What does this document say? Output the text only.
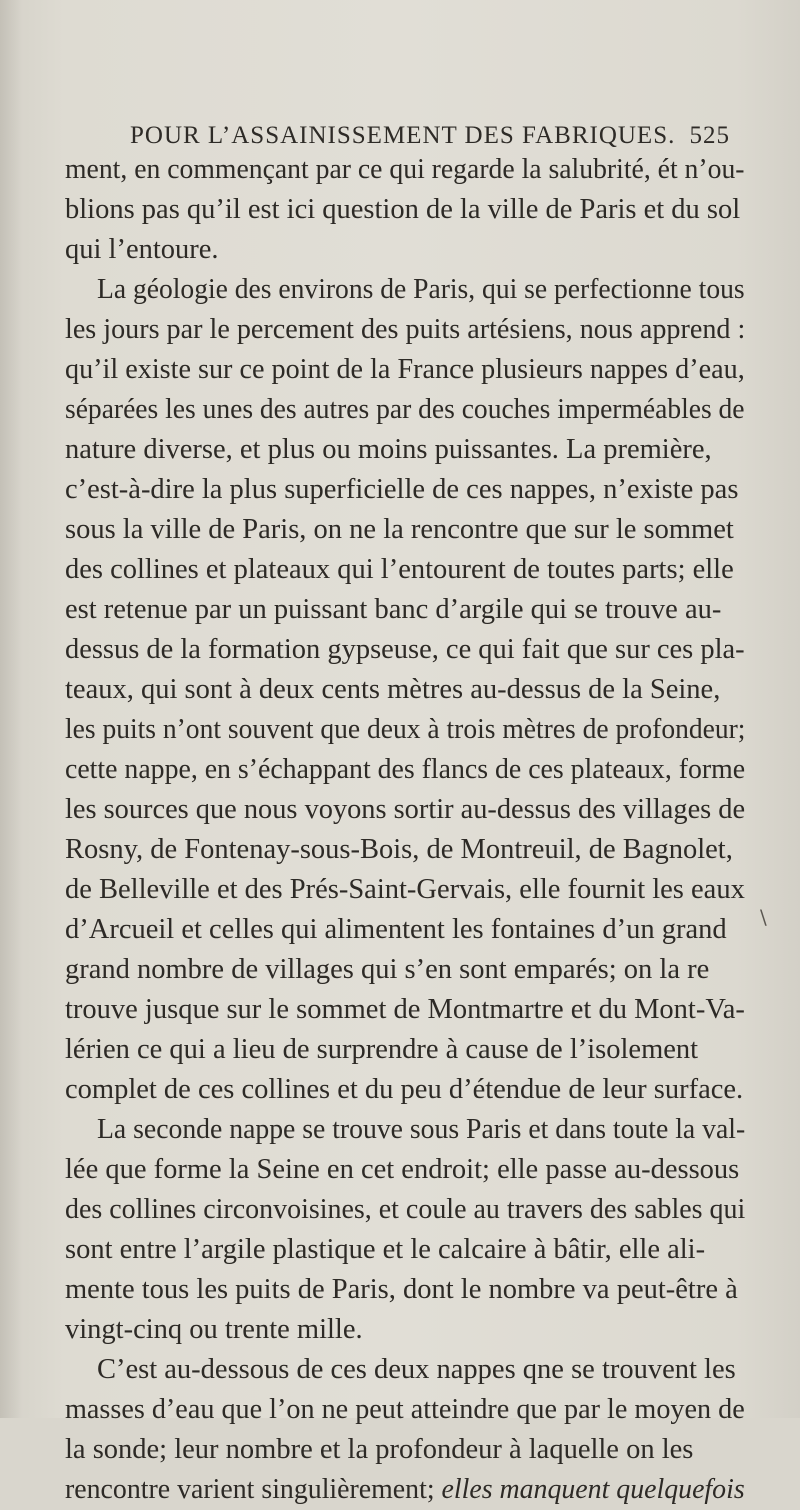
POUR L’ASSAINISSEMENT DES FABRIQUES. 525
ment, en commençant par ce qui regarde la salubrité, ét n’ou-
blions pas qu’il est ici question de la ville de Paris et du sol
qui l’entoure.
La géologie des environs de Paris, qui se perfectionne tous
les jours par le percement des puits artésiens, nous apprend :
qu’il existe sur ce point de la France plusieurs nappes d’eau,
séparées les unes des autres par des couches imperméables de
nature diverse, et plus ou moins puissantes. La première,
c’est-à-dire la plus superficielle de ces nappes, n’existe pas
sous la ville de Paris, on ne la rencontre que sur le sommet
des collines et plateaux qui l’entourent de toutes parts; elle
est retenue par un puissant banc d’argile qui se trouve au-
dessus de la formation gypseuse, ce qui fait que sur ces pla-
teaux, qui sont à deux cents mètres au-dessus de la Seine,
les puits n’ont souvent que deux à trois mètres de profondeur;
cette nappe, en s’échappant des flancs de ces plateaux, forme
les sources que nous voyons sortir au-dessus des villages de
Rosny, de Fontenay-sous-Bois, de Montreuil, de Bagnolet,
de Belleville et des Prés-Saint-Gervais, elle fournit les eaux
d’Arcueil et celles qui alimentent les fontaines d’un grand
grand nombre de villages qui s’en sont emparés; on la re
trouve jusque sur le sommet de Montmartre et du Mont-Va-
lérien ce qui a lieu de surprendre à cause de l’isolement
complet de ces collines et du peu d’étendue de leur surface.
La seconde nappe se trouve sous Paris et dans toute la val-
lée que forme la Seine en cet endroit; elle passe au-dessous
des collines circonvoisines, et coule au travers des sables qui
sont entre l’argile plastique et le calcaire à bâtir, elle ali-
mente tous les puits de Paris, dont le nombre va peut-être à
vingt-cinq ou trente mille.
C’est au-dessous de ces deux nappes qne se trouvent les
masses d’eau que l’on ne peut atteindre que par le moyen de
la sonde; leur nombre et la profondeur à laquelle on les
rencontre varient singulièrement; elles manquent quelquefois
\
